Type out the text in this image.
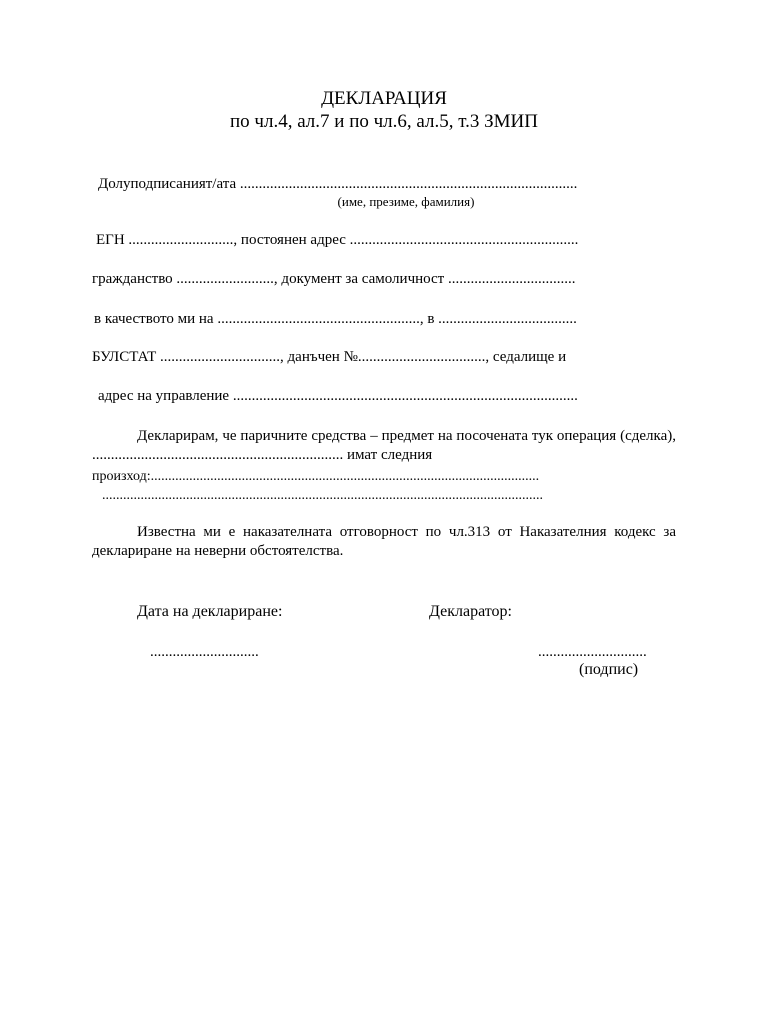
ДЕКЛАРАЦИЯ
по чл.4, ал.7 и по чл.6, ал.5, т.3 ЗМИП
Долуподписаният/ата ..........................................................................................
(име, презиме, фамилия)
ЕГН ............................, постоянен адрес .............................................................
гражданство .........................., документ за самоличност ..................................
в качеството ми на ......................................................, в .....................................
БУЛСТАТ ................................, данъчен №.................................., седалище и
адрес на управление ............................................................................................
Декларирам, че паричните средства – предмет на посочената тук операция (сделка), ................................................................... имат следния
произход:...............................................................................................................
..............................................................................................................................
Известна ми е наказателната отговорност по чл.313 от Наказателния кодекс за деклариране на неверни обстоятелства.
Дата на деклариране:	Декларатор:
.............................	.............................
(подпис)
